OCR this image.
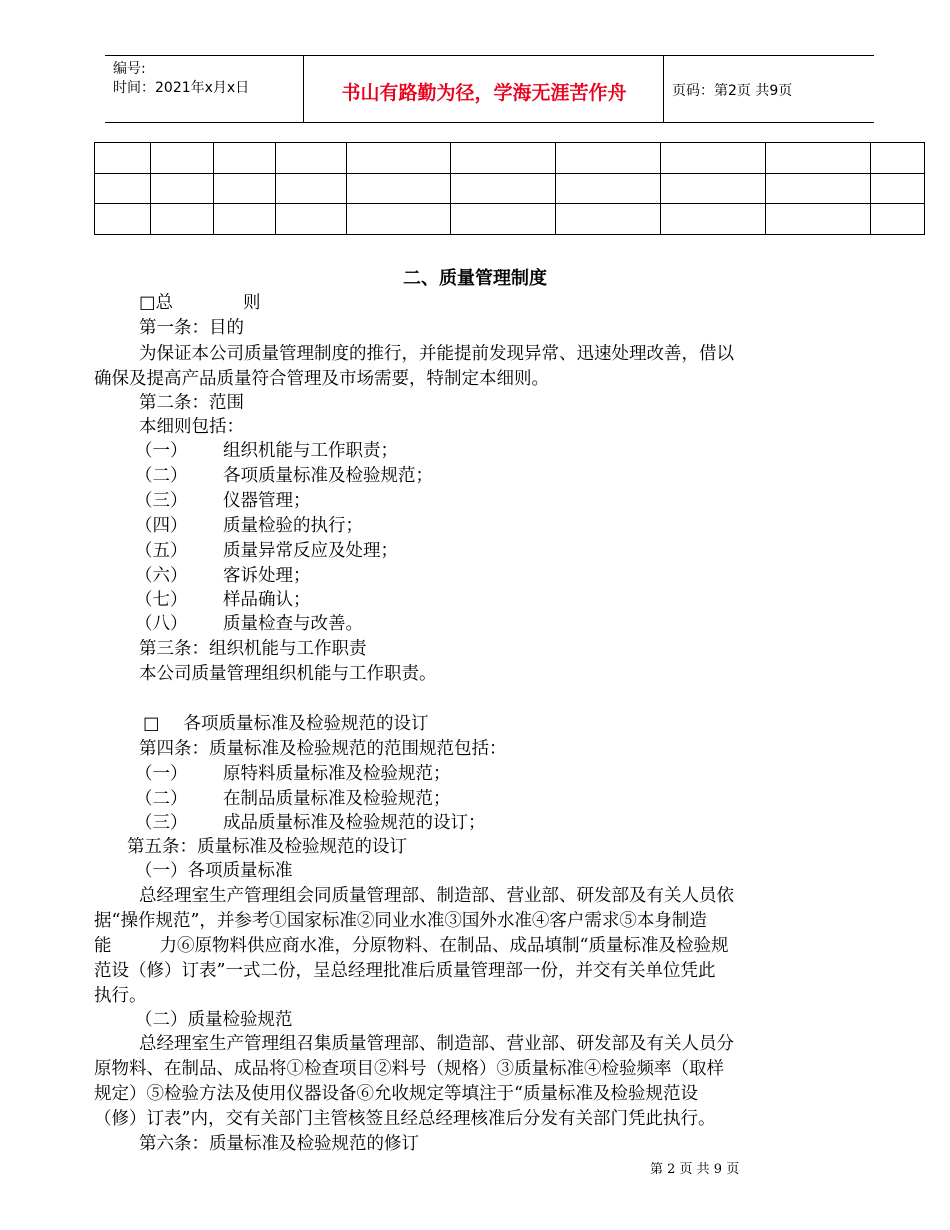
编号:
时间：2021年x月x日	书山有路勤为径，学海无涯苦作舟	页码：第2页 共9页

二、质量管理制度
□总	则
第一条：目的
为保证本公司质量管理制度的推行，并能提前发现异常、迅速处理改善，借以
确保及提高产品质量符合管理及市场需要，特制定本细则。
第二条：范围
本细则包括：
（一） 组织机能与工作职责；
（二） 各项质量标准及检验规范；
（三） 仪器管理；
（四） 质量检验的执行；
（五） 质量异常反应及处理；
（六） 客诉处理；
（七） 样品确认；
（八） 质量检查与改善。
第三条：组织机能与工作职责
本公司质量管理组织机能与工作职责。
□ 各项质量标准及检验规范的设订
第四条：质量标准及检验规范的范围规范包括：
（一） 原特料质量标准及检验规范；
（二） 在制品质量标准及检验规范；
（三） 成品质量标准及检验规范的设订；
第五条：质量标准及检验规范的设订
（一）各项质量标准
总经理室生产管理组会同质量管理部、制造部、营业部、研发部及有关人员依
据“操作规范”，并参考①国家标准②同业水准③国外水准④客户需求⑤本身制造
能	力⑥原物料供应商水准，分原物料、在制品、成品填制“质量标准及检验规
范设（修）订表”一式二份，呈总经理批准后质量管理部一份，并交有关单位凭此
执行。
（二）质量检验规范
总经理室生产管理组召集质量管理部、制造部、营业部、研发部及有关人员分
原物料、在制品、成品将①检查项目②料号（规格）③质量标准④检验频率（取样
规定）⑤检验方法及使用仪器设备⑥允收规定等填注于“质量标准及检验规范设
（修）订表”内，交有关部门主管核签且经总经理核准后分发有关部门凭此执行。
第六条：质量标准及检验规范的修订
第 2 页 共 9 页
